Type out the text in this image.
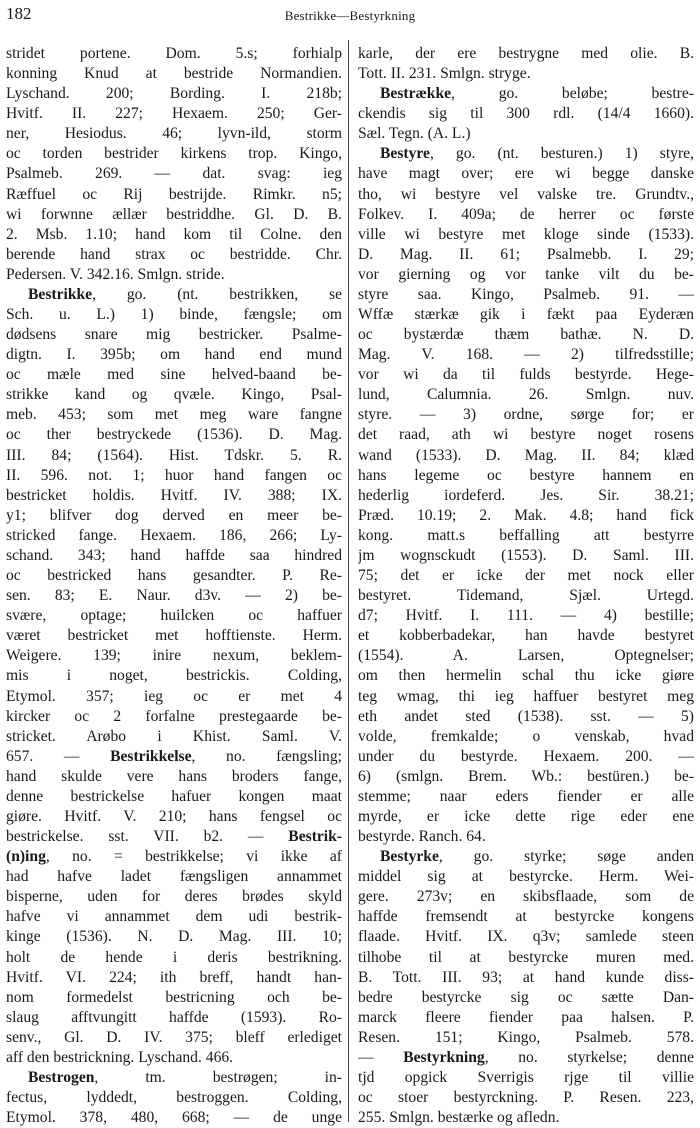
182	Bestrikke—Bestyrkning
stridet portene. Dom. 5.s; forhialp
konning Knud at bestride Normandien.
Lyschand. 200; Bording. I. 218b;
Hvitf. II. 227; Hexaem. 250; Ger-
ner, Hesiodus. 46; lyvn-ild, storm
oc torden bestrider kirkens trop. Kingo,
Psalmeb. 269. — dat. svag: ieg
Ræffuel oc Rij bestrijde. Rimkr. n5;
wi forwnne ællær bestriddhe. Gl. D. B.
2. Msb. 1.10; hand kom til Colne. den
berende hand strax oc bestridde. Chr.
Pedersen. V. 342.16. Smlgn. stride.
Bestrikke, go. (nt. bestrikken, se
Sch. u. L.) 1) binde, fængsle; om
dødsens snare mig bestricker. Psalme-
digtn. I. 395b; om hand end mund
oc mæle med sine helved-baand be-
strikke kand og qvæle. Kingo, Psal-
meb. 453; som met meg ware fangne
oc ther bestryckede (1536). D. Mag.
III. 84; (1564). Hist. Tdskr. 5. R.
II. 596. not. 1; huor hand fangen oc
bestricket holdis. Hvitf. IV. 388; IX.
y1; blifver dog derved en meer be-
stricked fange. Hexaem. 186, 266; Ly-
schand. 343; hand haffde saa hindred
oc bestricked hans gesandter. P. Re-
sen. 83; E. Naur. d3v. — 2) be-
svære, optage; huilcken oc haffuer
været bestricket met hofftienste. Herm.
Weigere. 139; inire nexum, beklem-
mis i noget, bestrickis. Colding,
Etymol. 357; ieg oc er met 4
kircker oc 2 forfalne prestegaarde be-
stricket. Arøbo i Khist. Saml. V.
657. — Bestrikkelse, no. fængsling;
hand skulde vere hans broders fange,
denne bestrickelse hafuer kongen maat
giøre. Hvitf. V. 210; hans fengsel oc
bestrickelse. sst. VII. b2. — Bestrik-
(n)ing, no. = bestrikkelse; vi ikke af
had hafve ladet fængsligen annammet
bisperne, uden for deres brødes skyld
hafve vi annammet dem udi bestrik-
kinge (1536). N. D. Mag. III. 10;
holt de hende i deris bestrikning.
Hvitf. VI. 224; ith breff, handt han-
nom formedelst bestricning och be-
slaug afftvungitt haffde (1593). Ro-
senv., Gl. D. IV. 375; bleff erlediget
aff den bestrickning. Lyschand. 466.
Bestrogen, tm. bestrøgen; in-
fectus, lyddedt, bestroggen. Colding,
Etymol. 378, 480, 668; — de unge
karle, der ere bestrygne med olie. B.
Tott. II. 231. Smlgn. stryge.
Bestrække, go. beløbe; bestre-
ckendis sig til 300 rdl. (14/4 1660).
Sæl. Tegn. (A. L.)
Bestyre, go. (nt. besturen.) 1) styre,
have magt over; ere wi begge danske
tho, wi bestyre vel valske tre. Grundtv.,
Folkev. I. 409a; de herrer oc første
ville wi bestyre met kloge sinde (1533).
D. Mag. II. 61; Psalmebb. I. 29;
vor gierning og vor tanke vilt du be-
styre saa. Kingo, Psalmeb. 91. —
Wffæ stærkæ gik i fækt paa Eyderæn
oc bystærdæ thæm bathæ. N. D.
Mag. V. 168. — 2) tilfredsstille;
vor wi da til fulds bestyrde. Hege-
lund, Calumnia. 26. Smlgn. nuv.
styre. — 3) ordne, sørge for; er
det raad, ath wi bestyre noget rosens
wand (1533). D. Mag. II. 84; klæd
hans legeme oc bestyre hannem en
hederlig iordeferd. Jes. Sir. 38.21;
Præd. 10.19; 2. Mak. 4.8; hand fick
kong. matt.s beffalling att bestyrre
jm wognsckudt (1553). D. Saml. III.
75; det er icke der met nock eller
bestyret. Tidemand, Sjæl. Urtegd.
d7; Hvitf. I. 111. — 4) bestille;
et kobberbadekar, han havde bestyret
(1554). A. Larsen, Optegnelser;
om then hermelin schal thu icke giøre
teg wmag, thi ieg haffuer bestyret meg
eth andet sted (1538). sst. — 5)
volde, fremkalde; o venskab, hvad
under du bestyrde. Hexaem. 200. —
6) (smlgn. Brem. Wb.: bestüren.) be-
stemme; naar eders fiender er alle
myrde, er icke dette rige eder ene
bestyrde. Ranch. 64.
Bestyrke, go. styrke; søge anden
middel sig at bestyrcke. Herm. Wei-
gere. 273v; en skibsflaade, som de
haffde fremsendt at bestyrcke kongens
flaade. Hvitf. IX. q3v; samlede steen
tilhobe til at bestyrcke muren med.
B. Tott. III. 93; at hand kunde diss-
bedre bestyrcke sig oc sætte Dan-
marck fleere fiender paa halsen. P.
Resen. 151; Kingo, Psalmeb. 578.
— Bestyrkning, no. styrkelse; denne
tjd opgick Sverrigis rjge til villie
oc stoer bestyrckning. P. Resen. 223,
255. Smlgn. bestærke og afledn.
